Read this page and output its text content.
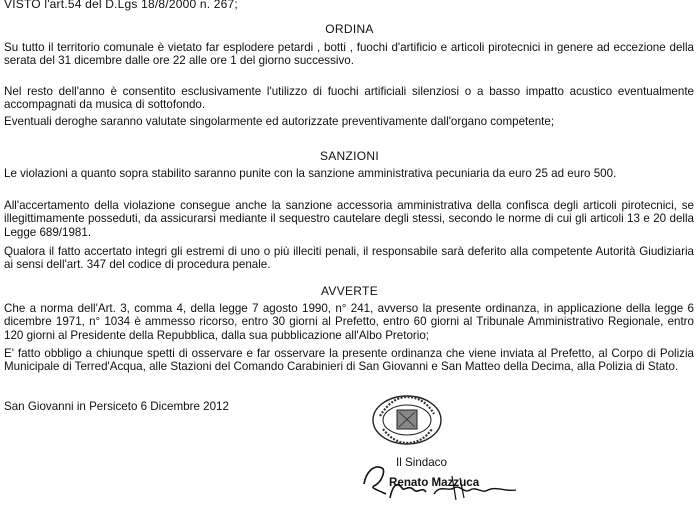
VISTO l'art.54 del D.Lgs 18/8/2000 n. 267;
ORDINA

Su tutto il territorio comunale è vietato far esplodere petardi , botti , fuochi d'artificio e articoli pirotecnici in genere ad eccezione della serata del 31 dicembre dalle ore 22 alle ore 1 del giorno successivo.

Nel resto dell'anno è consentito esclusivamente l'utilizzo di fuochi artificiali silenziosi o a basso impatto acustico eventualmente accompagnati da musica di sottofondo.

Eventuali deroghe saranno valutate singolarmente ed autorizzate preventivamente dall'organo competente;

SANZIONI

Le violazioni a quanto sopra stabilito saranno punite con la sanzione amministrativa pecuniaria da euro 25 ad euro 500.

All'accertamento della violazione consegue anche la sanzione accessoria amministrativa della confisca degli articoli pirotecnici, se illegittimamente posseduti, da assicurarsi mediante il sequestro cautelare degli stessi, secondo le norme di cui gli articoli 13 e 20 della Legge 689/1981.

Qualora il fatto accertato integri gli estremi di uno o più illeciti penali, il responsabile sarà deferito alla competente Autorità Giudiziaria ai sensi dell'art. 347 del codice di procedura penale.

AVVERTE

Che a norma dell'Art. 3, comma 4, della legge 7 agosto 1990, n° 241, avverso la presente ordinanza, in applicazione della legge 6 dicembre 1971, n° 1034 è ammesso ricorso, entro 30 giorni al Prefetto, entro 60 giorni al Tribunale Amministrativo Regionale, entro 120 giorni al Presidente della Repubblica, dalla sua pubblicazione all'Albo Pretorio;

E' fatto obbligo a chiunque spetti di osservare e far osservare la presente ordinanza che viene inviata al Prefetto, al Corpo di Polizia Municipale di Terred'Acqua, alle Stazioni del Comando Carabinieri di San Giovanni e San Matteo della Decima, alla Polizia di Stato.

San Giovanni in Persiceto 6 Dicembre 2012
Il Sindaco
Renato Mazzuca
